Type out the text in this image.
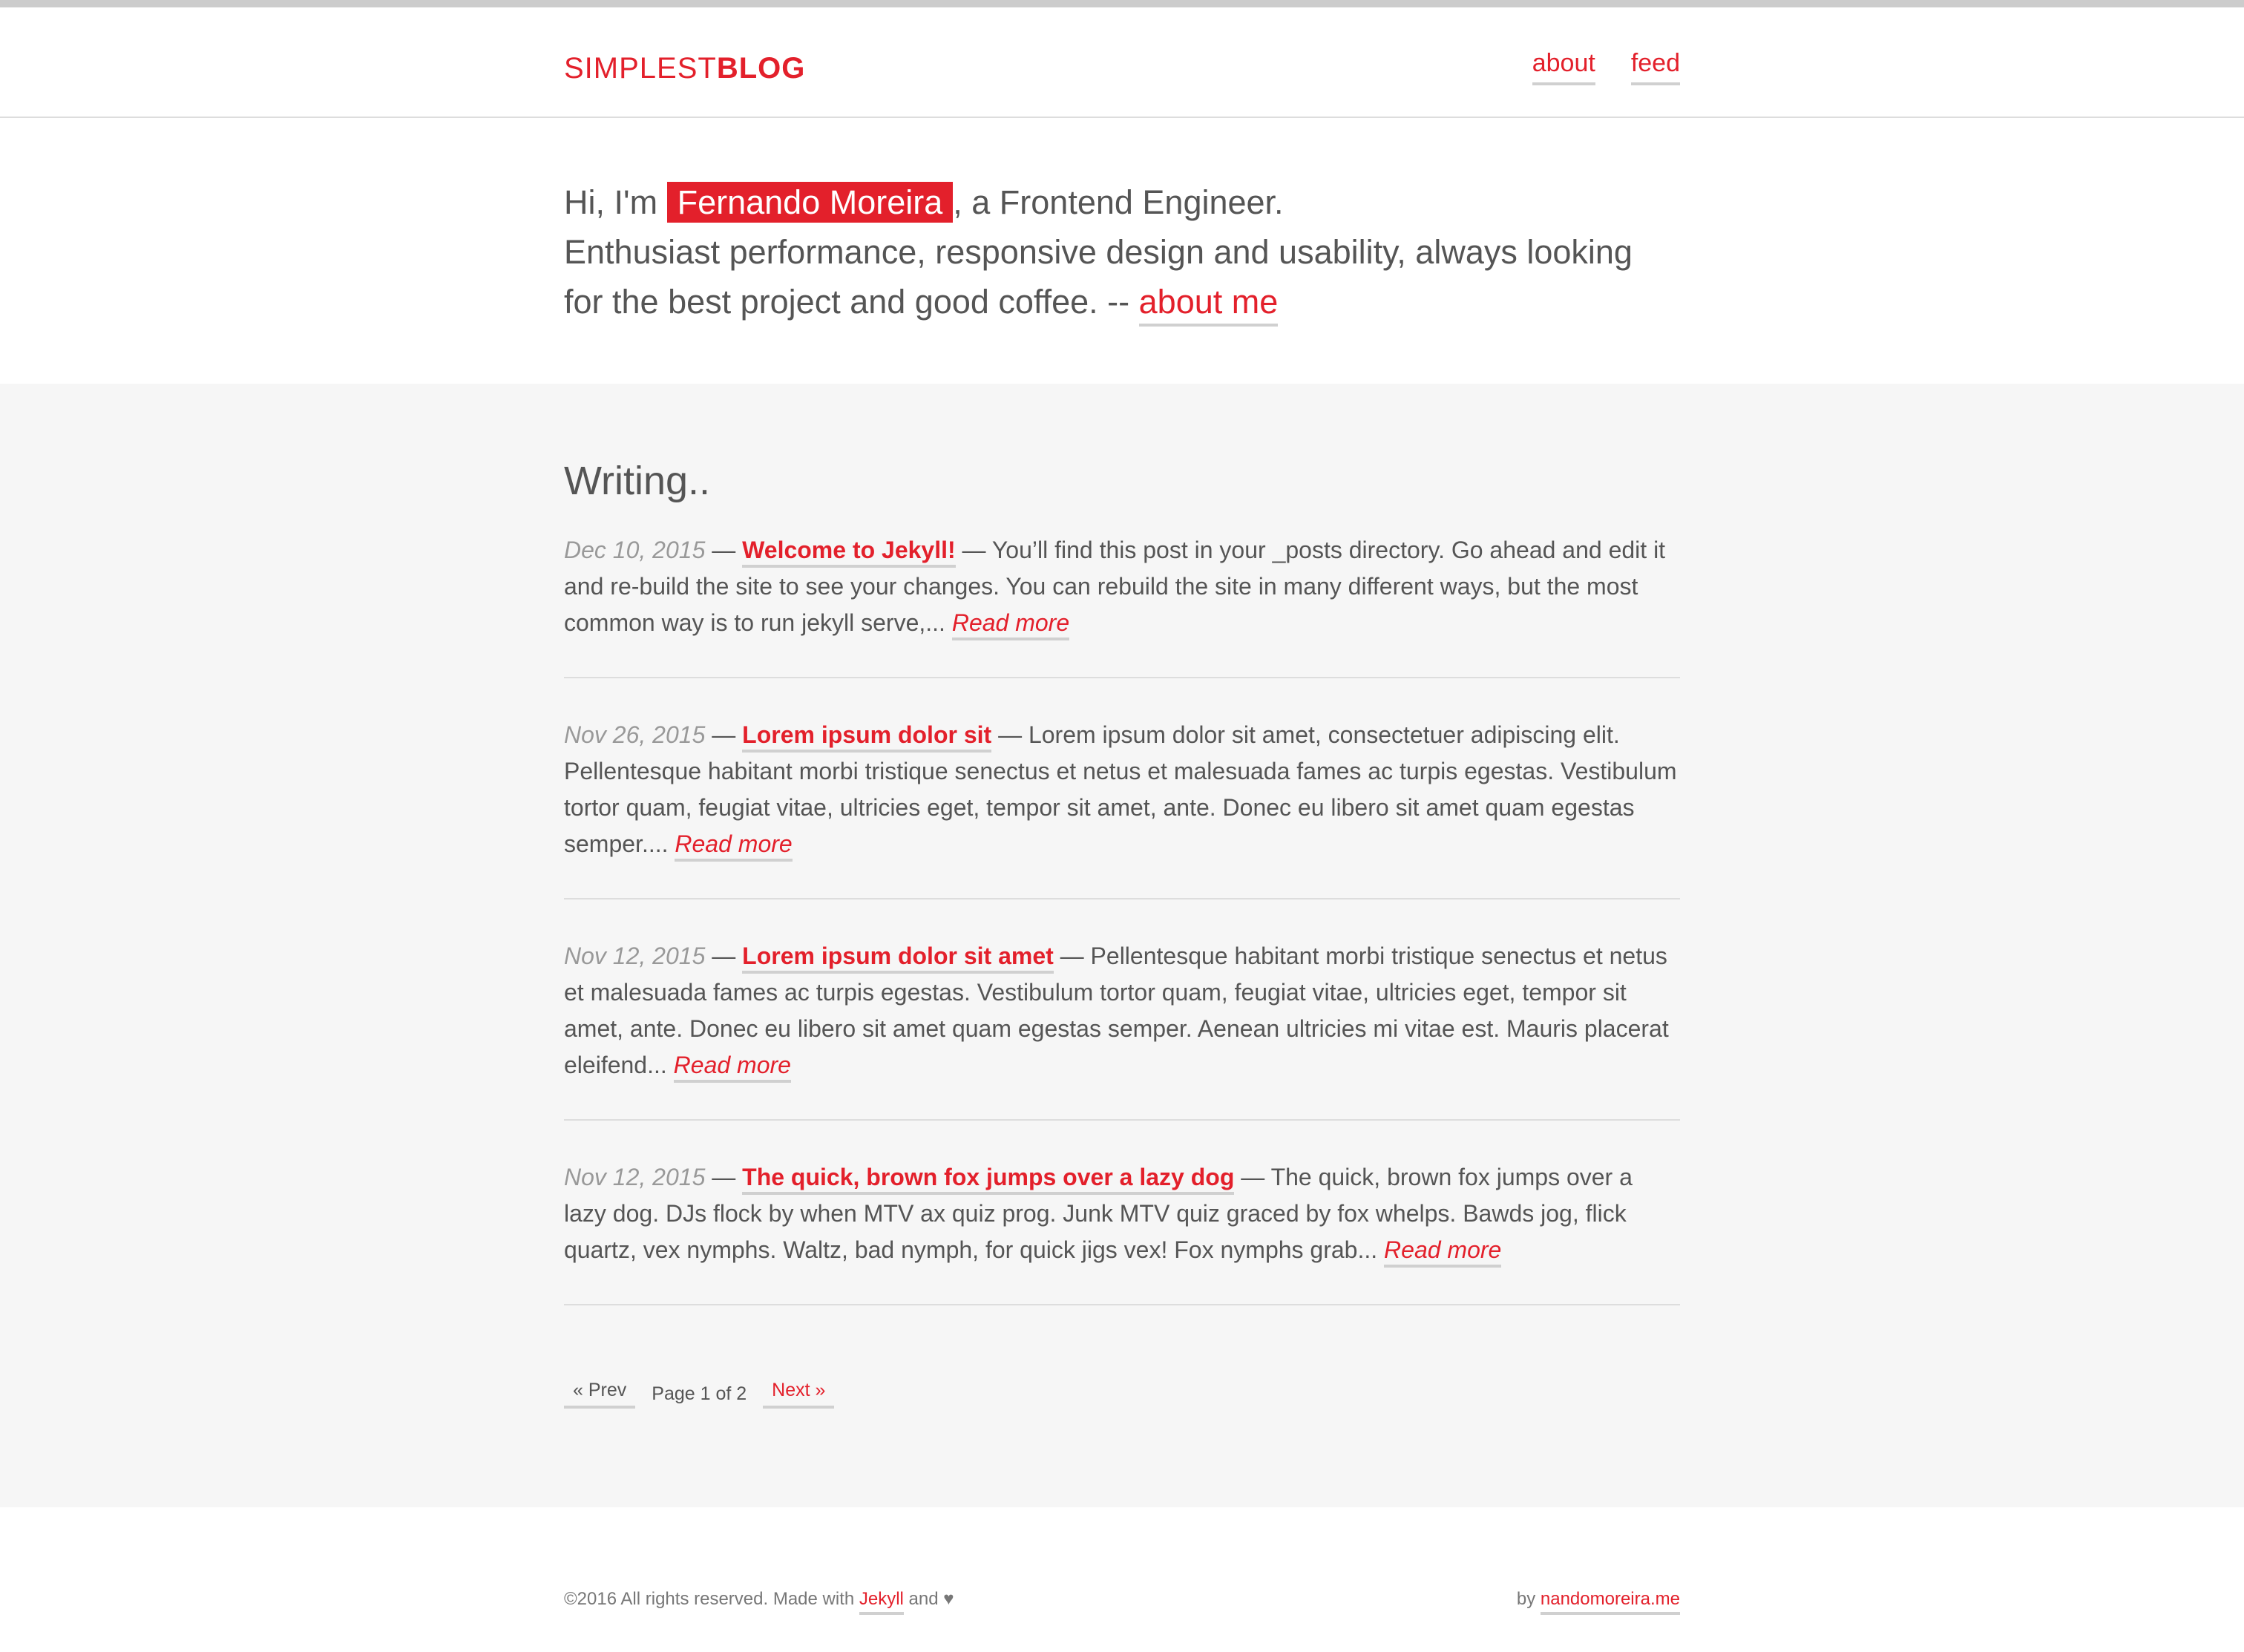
SIMPLESTBLOG	about feed

Hi, I'm Fernando Moreira , a Frontend Engineer.
Enthusiast performance, responsive design and usability, always looking for the best project and good coffee. -- about me

Writing..
Dec 10, 2015 — Welcome to Jekyll! — You’ll find this post in your _posts directory. Go ahead and edit it and re-build the site to see your changes. You can rebuild the site in many different ways, but the most common way is to run jekyll serve,... Read more
Nov 26, 2015 — Lorem ipsum dolor sit — Lorem ipsum dolor sit amet, consectetuer adipiscing elit. Pellentesque habitant morbi tristique senectus et netus et malesuada fames ac turpis egestas. Vestibulum tortor quam, feugiat vitae, ultricies eget, tempor sit amet, ante. Donec eu libero sit amet quam egestas semper.... Read more
Nov 12, 2015 — Lorem ipsum dolor sit amet — Pellentesque habitant morbi tristique senectus et netus et malesuada fames ac turpis egestas. Vestibulum tortor quam, feugiat vitae, ultricies eget, tempor sit amet, ante. Donec eu libero sit amet quam egestas semper. Aenean ultricies mi vitae est. Mauris placerat eleifend... Read more
Nov 12, 2015 — The quick, brown fox jumps over a lazy dog — The quick, brown fox jumps over a lazy dog. DJs flock by when MTV ax quiz prog. Junk MTV quiz graced by fox whelps. Bawds jog, flick quartz, vex nymphs. Waltz, bad nymph, for quick jigs vex! Fox nymphs grab... Read more
« Prev	Page 1 of 2	Next »
©2016 All rights reserved. Made with Jekyll and ♥	by nandomoreira.me
